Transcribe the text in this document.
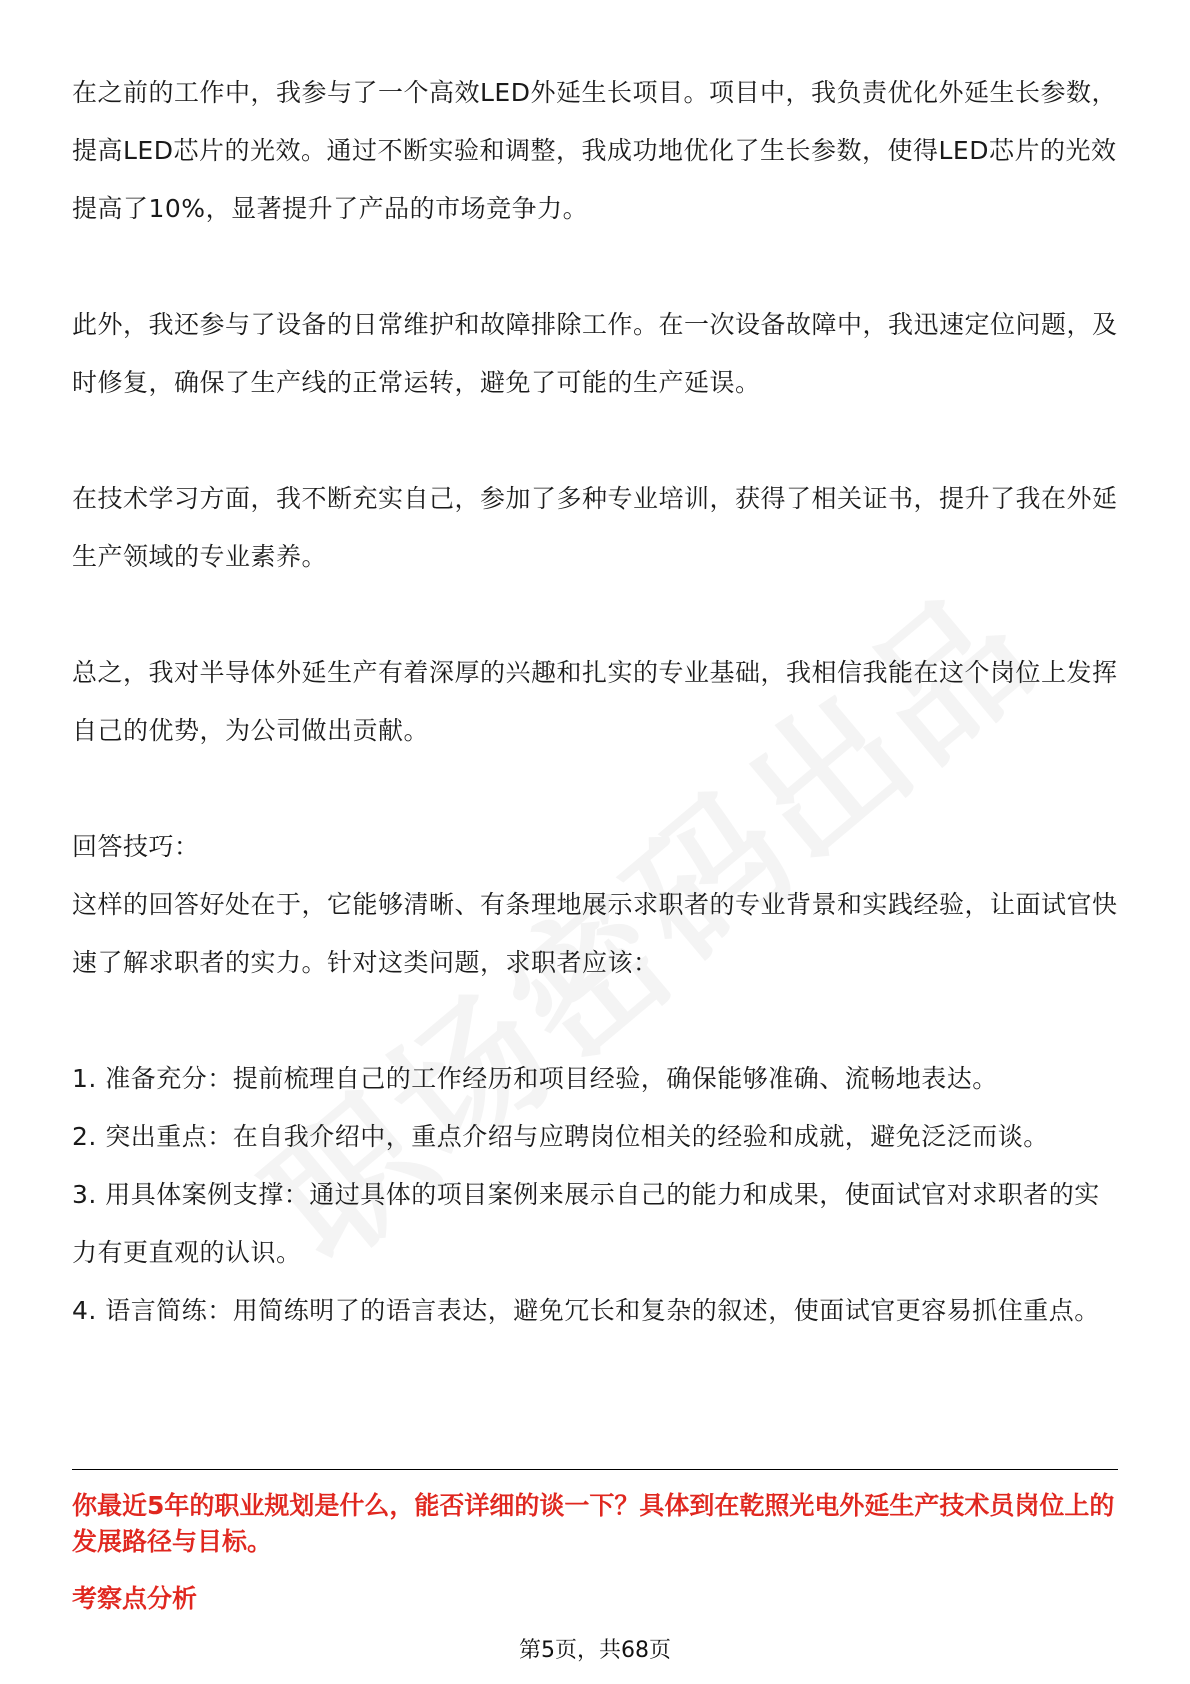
在之前的工作中，我参与了一个高效LED外延生长项目。项目中，我负责优化外延生长参数，提高LED芯片的光效。通过不断实验和调整，我成功地优化了生长参数，使得LED芯片的光效提高了10%，显著提升了产品的市场竞争力。

此外，我还参与了设备的日常维护和故障排除工作。在一次设备故障中，我迅速定位问题，及时修复，确保了生产线的正常运转，避免了可能的生产延误。

在技术学习方面，我不断充实自己，参加了多种专业培训，获得了相关证书，提升了我在外延生产领域的专业素养。

总之，我对半导体外延生产有着深厚的兴趣和扎实的专业基础，我相信我能在这个岗位上发挥自己的优势，为公司做出贡献。

回答技巧：

这样的回答好处在于，它能够清晰、有条理地展示求职者的专业背景和实践经验，让面试官快速了解求职者的实力。针对这类问题，求职者应该：

1. 准备充分：提前梳理自己的工作经历和项目经验，确保能够准确、流畅地表达。

2. 突出重点：在自我介绍中，重点介绍与应聘岗位相关的经验和成就，避免泛泛而谈。

3. 用具体案例支撑：通过具体的项目案例来展示自己的能力和成果，使面试官对求职者的实力有更直观的认识。

4. 语言简练：用简练明了的语言表达，避免冗长和复杂的叙述，使面试官更容易抓住重点。

你最近5年的职业规划是什么，能否详细的谈一下？具体到在乾照光电外延生产技术员岗位上的发展路径与目标。

考察点分析

第5页，共68页
